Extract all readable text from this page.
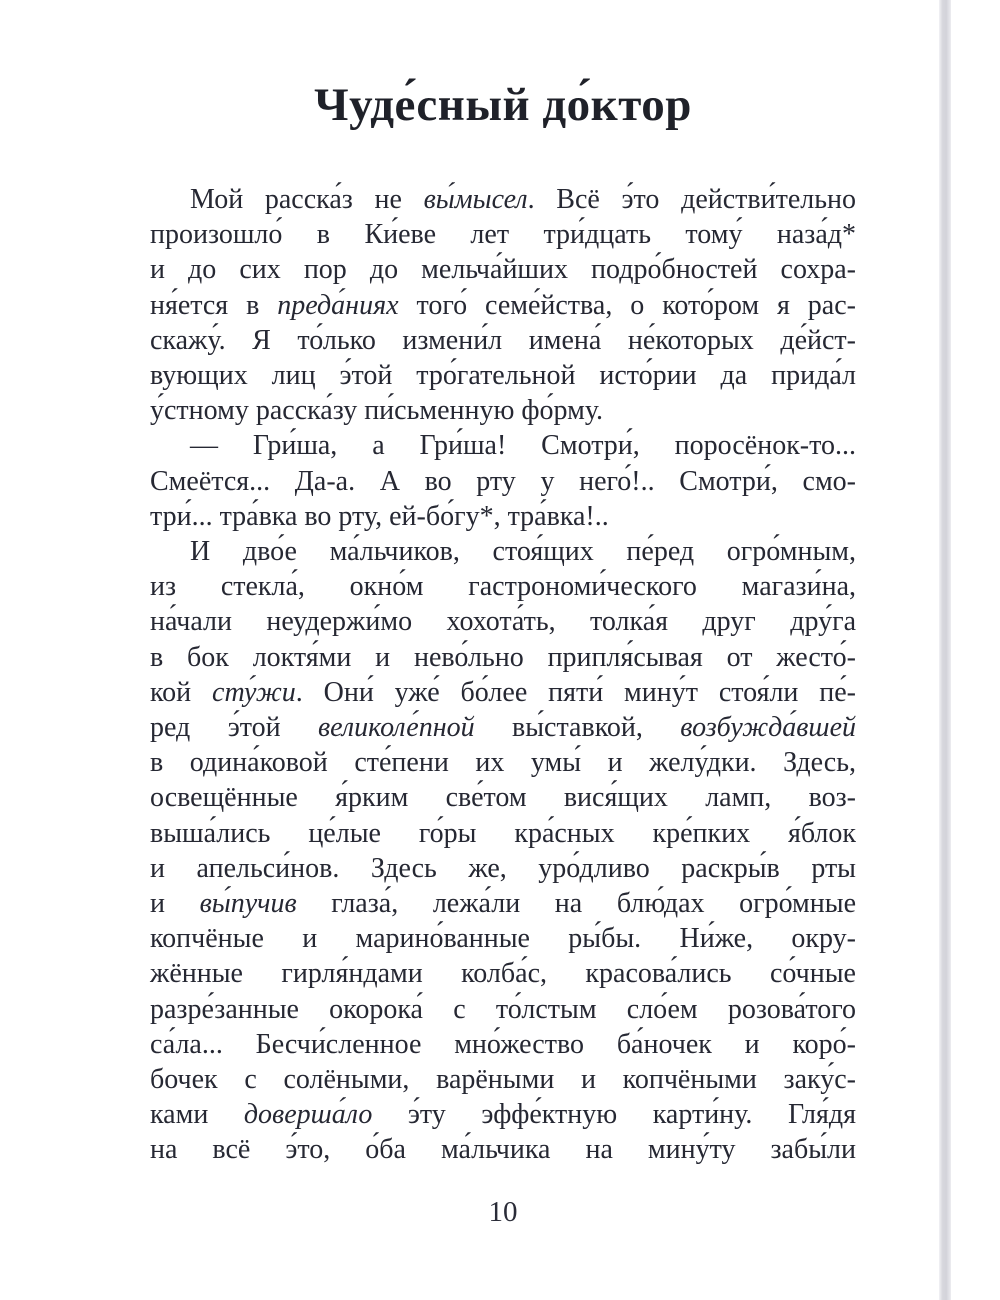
Чуде́сный до́ктор
Мой расска́з не вы́мысел. Всё э́то действи́тельно
произошло́ в Ки́еве лет три́дцать тому́ наза́д*
и до сих пор до мельча́йших подро́бностей сохра-
ня́ется в преда́ниях того́ семе́йства, о кото́ром я рас-
скажу́. Я то́лько измени́л имена́ не́которых де́йст-
вующих лиц э́той тро́гательной исто́рии да прида́л
у́стному расска́зу пи́сьменную фо́рму.
— Гри́ша, а Гри́ша! Смотри́, поросёнок-то...
Смеётся... Да-а. А во рту у него́!.. Смотри́, смо-
три́... тра́вка во рту, ей-бо́гу*, тра́вка!..
И дво́е ма́льчиков, стоя́щих пе́ред огро́мным,
из стекла́, окно́м гастрономи́ческого магази́на,
на́чали неудержи́мо хохота́ть, толка́я друг дру́га
в бок локтя́ми и нево́льно припля́сывая от жесто́-
кой сту́жи. Они́ уже́ бо́лее пяти́ мину́т стоя́ли пе́-
ред э́той великоле́пной вы́ставкой, возбужда́вшей
в одина́ковой сте́пени их умы́ и желу́дки. Здесь,
освещённые я́рким све́том вися́щих ламп, воз-
выша́лись це́лые го́ры кра́сных кре́пких я́блок
и апельси́нов. Здесь же, уро́дливо раскры́в рты
и вы́пучив глаза́, лежа́ли на блю́дах огро́мные
копчёные и марино́ванные ры́бы. Ни́же, окру-
жённые гирля́ндами колба́с, красова́лись со́чные
разре́занные окорока́ с то́лстым сло́ем розова́того
са́ла... Бесчи́сленное мно́жество ба́ночек и коро́-
бочек с солёными, варёными и копчёными заку́с-
ками доверша́ло э́ту эффе́ктную карти́ну. Гля́дя
на всё э́то, о́ба ма́льчика на мину́ту забы́ли
10
